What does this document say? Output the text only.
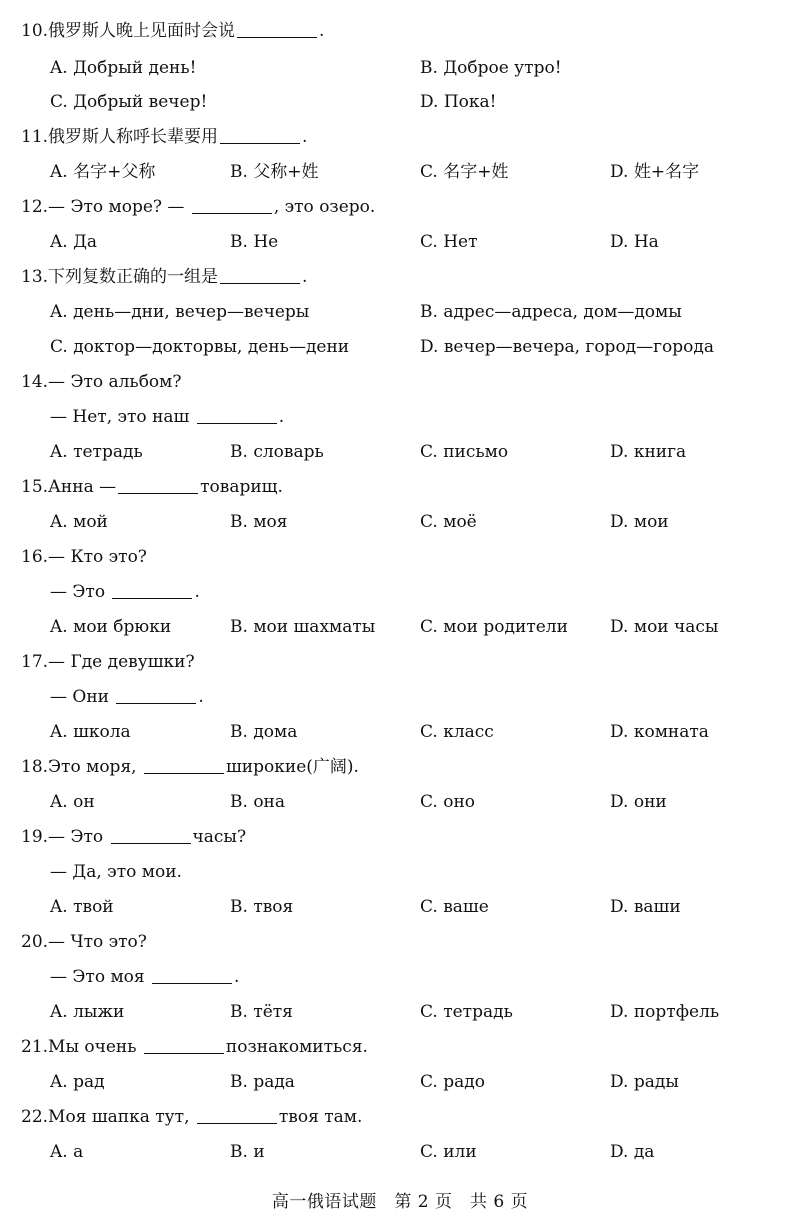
10.俄罗斯人晚上见面时会说	.
A. Добрый день!	B. Доброе утро!
C. Добрый вечер!	D. Пока!
11.俄罗斯人称呼长辈要用	.
A. 名字+父称	B. 父称+姓	C. 名字+姓	D. 姓+名字
12.— Это море? —	, это озеро.
A. Да	B. Не	C. Нет	D. На
13.下列复数正确的一组是	.
A. день—дни, вечер—вечеры	B. адрес—адреса, дом—домы
C. доктор—докторвы, день—дени	D. вечер—вечера, город—города
14.— Это альбом?
— Нет, это наш	.
A. тетрадь	B. словарь	C. письмо	D. книга
15.Анна —	товарищ.
A. мой	B. моя	C. моё	D. мои
16.— Кто это?
— Это	.
A. мои брюки	B. мои шахматы	C. мои родители D. мои часы
17.— Где девушки?
— Они	.
A. школа	B. дома	C. класс	D. комната
18.Это моря,	широкие(广阔).
A. он	B. она	C. оно	D. они
19.— Это	часы?
— Да, это мои.
A. твой	B. твоя	C. ваше	D. ваши
20.— Что это?
— Это моя	.
A. лыжи	B. тётя	C. тетрадь	D. портфель
21.Мы очень	познакомиться.
A. рад	B. рада	C. радо	D. рады
22.Моя шапка тут,	твоя там.
A. а	B. и	C. или	D. да
高一俄语试题　第 2 页　共 6 页
